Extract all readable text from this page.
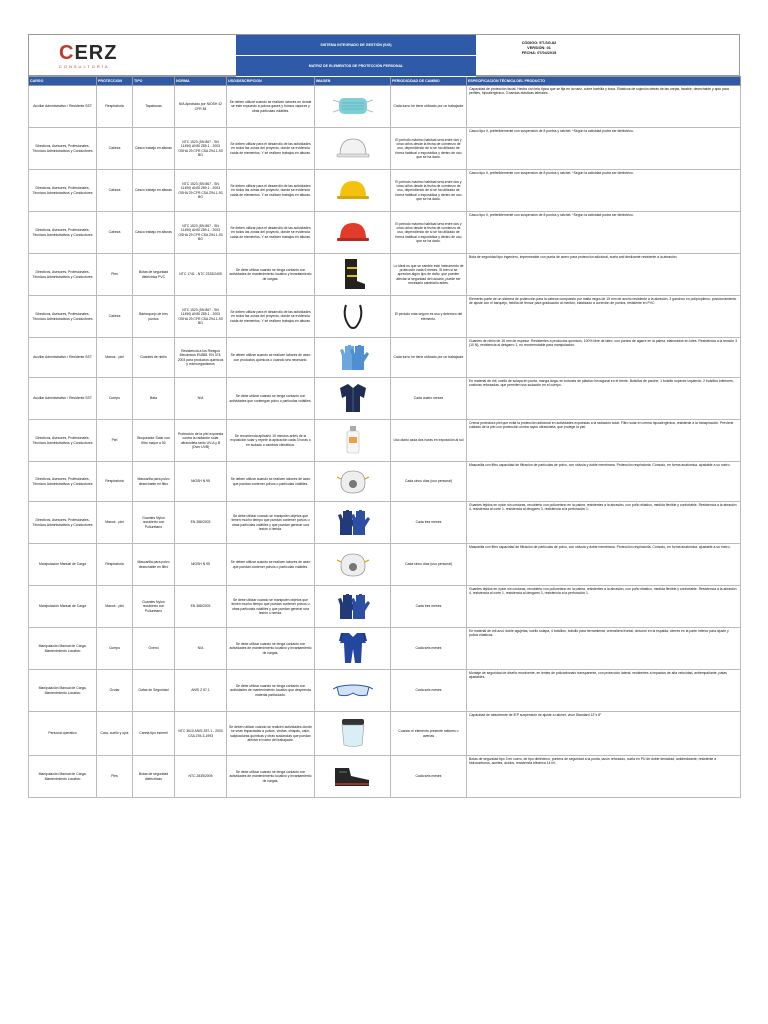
CERZ
CONSULTORÍA
SISTEMA INTEGRADO DE GESTIÓN (SIG)
MATRIZ DE ELEMENTOS DE PROTECCIÓN PERSONAL
CÓDIGO: ET-SG-82
VERSIÓN: 01
FECHA: 07/04/2015
CARGO	PROTECCION	TIPO	NORMA	USO/DESCRIPCION	IMAGEN	PERIODICIDAD DE CAMBIO	ESPECIFICACIÓN TÉCNICA DEL PRODUCTO
Auxiliar Administrativo / Residente SST	Respiratoria	Tapabocas	N/A Aprobado por NIOSH 42 CFR 84	Se deben utilizar cuando se realicen labores en donde se este expuesto a polvos gases y humos vapores y otras partículas volátiles.		Cada turno he tiene utilizado por un trabajador	Capacidad de protección facial. Hecha con tela típica que se fija en la nariz, cubre barbilla y boca. Elásticos de sujeción detrás de las orejas, lavable, desechable y apto para perfiles, hipoalergénico, 3 bandas elásticas laterales.
Directivos, Asesores, Profesionales, Técnicos Administrativos y Conductores	Cabeza	Casco trabajo en alturas	NTC 1523 (SN 867 - SN 11490) ANSI Z89.1 - 2003 OSHA 29 CFR CSA Z94.1-93 BG	Se deben utilizar para el desarrollo de las actividades en todos las zonas del proyecto, donde se evidencia caída de elementos. Y se realicen trabajos en alturas.		El periodo máximo habitual será entre dos y cinco años desde la fecha de comienzo de uso, dependiendo de si se ha utilizado de forma habitual o esporádica y dentro de uso que se ha dado.	Casco tipo II, preferiblemente con suspensión de 8 puntos y ratchet. *Según la actividad podrá ser dieléctrico.
Directivos, Asesores, Profesionales, Técnicos Administrativos y Conductores	Cabeza	Casco trabajo en alturas	NTC 1523 (SN 867 - SN 11490) ANSI Z89.1 - 2003 OSHA 29 CFR CSA Z94.1-93 BG	Se deben utilizar para el desarrollo de las actividades en todos las zonas del proyecto, donde se evidencia caída de elementos. Y se realicen trabajos en alturas.		El periodo máximo habitual será entre dos y cinco años desde la fecha de comienzo de uso, dependiendo de si se ha utilizado de forma habitual o esporádica y dentro de uso que se ha dado.	Casco tipo II, preferiblemente con suspensión de 8 puntos y ratchet. *Según la actividad podrá ser dieléctrico.
Directivos, Asesores, Profesionales, Técnicos Administrativos y Conductores	Cabeza	Casco trabajo en alturas	NTC 1523 (SN 867 - SN 11490) ANSI Z89.1 - 2003 OSHA 29 CFR CSA Z94.1-93 BG	Se deben utilizar para el desarrollo de las actividades en todos las zonas del proyecto, donde se evidencia caída de elementos. Y se realicen trabajos en alturas.		El periodo máximo habitual será entre dos y cinco años desde la fecha de comienzo de uso, dependiendo de si se ha utilizado de forma habitual o esporádica y dentro de uso que se ha dado.	Casco tipo II, preferiblemente con suspensión de 8 puntos y ratchet. *Según la actividad podrá ser dieléctrico.
Directivos, Asesores, Profesionales, Técnicos Administrativos y Conductores	Pies	Botas de seguridad dieléctrica PVC	NTC 1741 - NTC 2333/2405	Se debe utilizar cuando se tenga contacto con actividades de mantenimiento locativo y levantamiento de cargas.		Lo ideal es que se cambie este instrumento de protección cada 6 meses. Si bien si se aprecian algún tipo de daño, que pueden afectar la seguridad del usuario, puede ser necesario cambiarlo antes.	Bota de seguridad tipo ingeniero, impermeable con punta de acero para protección adicional, suela anti deslizante resistente a la abrasión.
Directivos, Asesores, Profesionales, Técnicos Administrativos y Conductores	Cabeza	Barbuquejo de tres puntos	NTC 1523 (SN 867 - SN 11490) ANSI Z89.1 - 2003 OSHA 29 CFR CSA Z94.1-93 BG	Se deben utilizar para el desarrollo de las actividades en todos las zonas del proyecto, donde se evidencia caída de elementos. Y se realicen trabajos en alturas.		El periodo más seguro es uso y deterioro del elemento.	Elemento parte de un sistema de protección para la cabeza compuesto por malla negra de 15 mm de ancho resistente a la abrasión, 3 ganchos en polipropileno, posicionamiento de ajuste con el barquejo, hebilla de tensor para graduación al mentón, elastizado a conexión de puntos, resistente en PVC.
Auxiliar Administrativo / Residente SST	Manos - piel	Guantes de nitrilo	Resistencia a los Riesgos Mecánicos EN388. EN 374: 2003 para productos químicos y microorganismos	Se deben utilizar cuando se realicen labores de aseo con productos químicos o cuando sea necesario.		Cada turno he tiene utilizado por un trabajador	Guantes de nitrilo de 16 mm de espesor. Resistentes a productos químicos, 100% libre de látex, con puntos de agarre en la palma, elaborados en lotes. Resistencia a la tensión 3 (10 N), resistencia al desgarro 1, no recomendable para manipulación.
Auxiliar Administrativo / Residente SST	Cuerpo	Bata	N/A	Se debe utilizar cuando se tenga contacto con actividades que contengan polvo o partículas volátiles.		Cada cuatro meses	En material de dril, cuello de solapa en punta, manga larga, en botones de plástico hexagonal en el frente. Bolsillos de parche, 1 bolsillo superior izquierdo, 2 bolsillos inferiores, costuras reforzadas, que permiten sus sudación en el cuerpo.
Directivos, Asesores, Profesionales, Técnicos Administrativos y Conductores	Piel	Bloqueador Solar con filtro mayor a 50	Protección de la piel expuesta contra la radiación solar ultravioleta tanto UV-A y B (Over UVB)	Se recomienda aplicarlo 15 minutos antes de la exposición solar y repetir la aplicación cada 3 horas o en sudado o cambios climáticos.		Uso diario cada dos horas en exposición al sol	Crema protectora piel que evita la protección adicional en actividades expuestas a la radiación solar. Filtro solar en crema hipoalergénica, resistente a la transpiración. Previene cuidado de la piel con protección contra rayos ultravioleta, que protege la piel.
Directivos, Asesores, Profesionales, Técnicos Administrativos y Conductores	Respiratoria	Mascarilla para polvo desechable en filtro	NIOSH N 95	Se deben utilizar cuando se realicen labores de aseo que puedan contener polvos o partículas volátiles.		Cada cinco días (uso personal)	Mascarilla con filtro capacidad de filtración de partículas de polvo, con válvula y doble membrana. Protección respiratoria. Cómodo, en forma anatómica, ajustable a su rostro.
Directivos, Asesores, Profesionales, Técnicos Administrativos y Conductores	Manos - piel	Guantes Nylon recubierto con Poliuretano	EN 388/2003	Se debe utilizar cuando se manipulen objetos que tienen mucho tiempo que puedan contener polvos u otras partículas volátiles y que puedan generar una lesión o herida.		Cada tres meses	Guantes tejidos en nylon sin costuras, recubierto con poliuretano en la palma, resistentes a la abrasión, con puño elástico, medida flexible y confortable. Resistencia a la abrasión 4, resistencia al corte 1, resistencia al desgarro 3, resistencia a la perforación 1.
Manipulación Manual de Carga	Respiratoria	Mascarilla para polvo desechable en filtro	NIOSH N 95	Se deben utilizar cuando se realicen labores de aseo que puedan contener polvos o partículas volátiles.		Cada cinco días (uso personal)	Mascarilla con filtro capacidad de filtración de partículas de polvo, con válvula y doble membrana. Protección respiratoria. Cómodo, en forma anatómica, ajustable a su rostro.
Manipulación Manual de Carga	Manos - piel	Guantes Nylon recubierto con Poliuretano	EN 388/2003	Se debe utilizar cuando se manipulen objetos que tienen mucho tiempo que puedan contener polvos u otras partículas volátiles y que puedan generar una lesión o herida.		Cada tres meses	Guantes tejidos en nylon sin costuras, recubierto con poliuretano en la palma, resistentes a la abrasión, con puño elástico, medida flexible y confortable. Resistencia a la abrasión 4, resistencia al corte 1, resistencia al desgarro 3, resistencia a la perforación 1.
Manipulación Manual de Carga, Mantenimiento Locativo	Cuerpo	Overol	N/A	Se debe utilizar cuando se tenga contacto con actividades de mantenimiento locativo y levantamiento de cargas.		Cada seis meses	En material de dril azul, doble agujetas, cuello solapa, 4 bolsillos, bolsillo para herramienta, cremallera frontal, cinturón en la espalda, cierres en la parte inferior para ajuste y puños elásticos.
Manipulación Manual de Carga, Mantenimiento Locativo	Ocular	Gafas de Seguridad	ANSI Z 87.1	Se debe utilizar cuando se tenga contacto con actividades de mantenimiento locativo que desprenda material particulado.		Cada seis meses	Montaje de seguridad de diseño envolvente, en lentes de policarbonato transparente, con protección lateral, resistentes a impactos de alta velocidad, antiempañante, patas ajustables.
Personal operativo	Cara, cuello y ojos	Careta tipo esmeril	NTC 3610 ANSI Z87.1 - 2003 CSA Z94.3-1993	Se deben utilizar cuando se realicen actividades donde se vean impactadas a polvos, virutas, chispas, calor, salpicaduras químicas y otras sustancias que puedan afectar el rostro del trabajador.		Cuando el elemento presente rallones o averías	Capacidad de absorbente de IEP suspensión de ajuste a ratchet, visor Standard 12"x 8"
Manipulación Manual de Carga, Mantenimiento Locativo	Pies	Botas de seguridad dieléctricas	NTC 2835/2005	Se debe utilizar cuando se tenga contacto con actividades de mantenimiento locativo y levantamiento de cargas.		Cada seis meses	Botas de seguridad tipo 3 en cuero, de tipo dieléctrico, puntera de seguridad a la punta, tacón reforzado, suela en PU de doble densidad, antideslizante, resistente a hidrocarburos, aceites, ácidos, resistencia eléctrica 14 kV.
